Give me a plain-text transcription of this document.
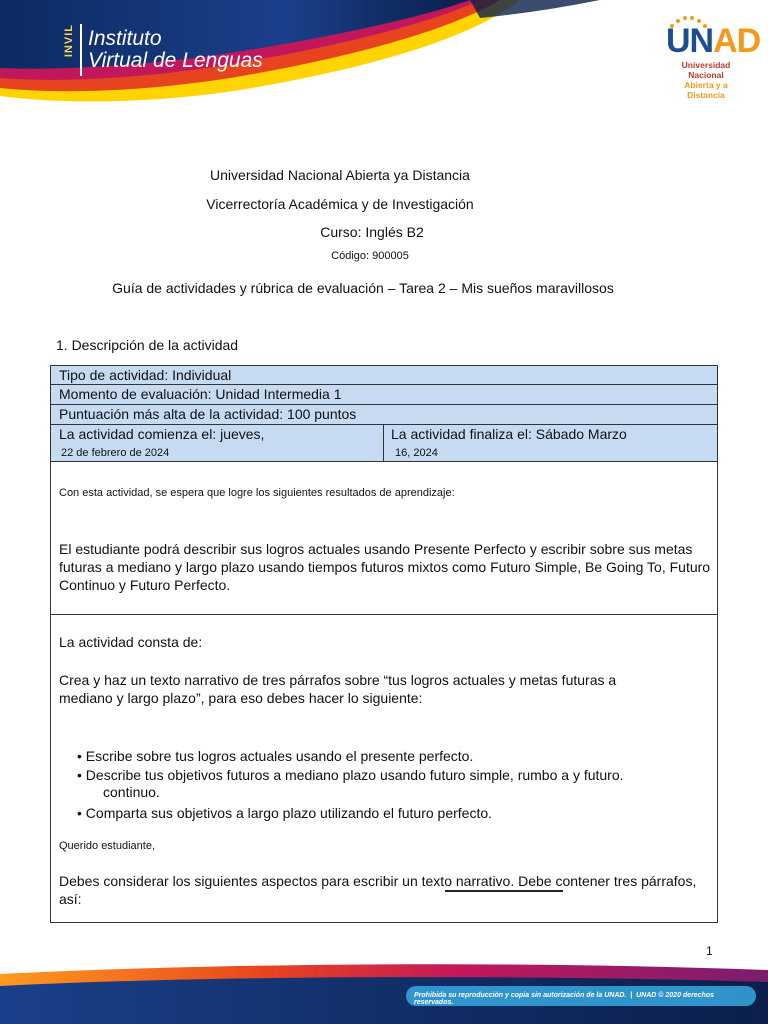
INVIL Instituto
Virtual de Lenguas
UNAD
Universidad Nacional
Abierta y a Distancia
Universidad Nacional Abierta ya Distancia
Vicerrectoría Académica y de Investigación
Curso: Inglés B2
Código: 900005
Guía de actividades y rúbrica de evaluación – Tarea 2 – Mis sueños maravillosos
1. Descripción de la actividad
Tipo de actividad: Individual
Momento de evaluación: Unidad Intermedia 1
Puntuación más alta de la actividad: 100 puntos
La actividad comienza el: jueves,
22 de febrero de 2024
La actividad finaliza el: Sábado Marzo
16, 2024
Con esta actividad, se espera que logre los siguientes resultados de aprendizaje:
El estudiante podrá describir sus logros actuales usando Presente Perfecto y escribir sobre sus metas futuras a mediano y largo plazo usando tiempos futuros mixtos como Futuro Simple, Be Going To, Futuro Continuo y Futuro Perfecto.
La actividad consta de:
Crea y haz un texto narrativo de tres párrafos sobre “tus logros actuales y metas futuras a mediano y largo plazo”, para eso debes hacer lo siguiente:
• Escribe sobre tus logros actuales usando el presente perfecto.
• Describe tus objetivos futuros a mediano plazo usando futuro simple, rumbo a y futuro.
continuo.
• Comparta sus objetivos a largo plazo utilizando el futuro perfecto.
Querido estudiante,
Debes considerar los siguientes aspectos para escribir un texto narrativo. Debe contener tres párrafos, así:
1
Prohibida su reproducción y copia sin autorización de la UNAD.  |  UNAD © 2020 derechos reservados.
